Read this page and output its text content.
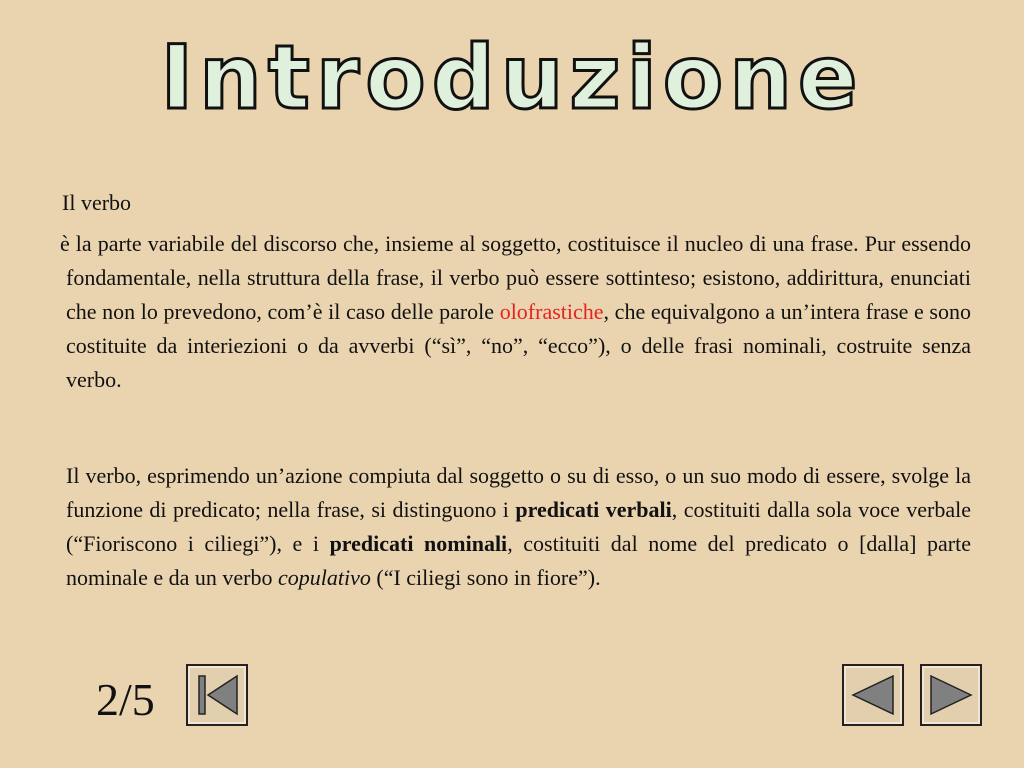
Introduzione
Il verbo

è la parte variabile del discorso che, insieme al soggetto, costituisce il nucleo di una frase. Pur essendo fondamentale, nella struttura della frase, il verbo può essere sottinteso; esistono, addirittura, enunciati che non lo prevedono, com’è il caso delle parole olofrastiche, che equivalgono a un’intera frase e sono costituite da interiezioni o da avverbi (“sì”, “no”, “ecco”), o delle frasi nominali, costruite senza verbo.

Il verbo, esprimendo un’azione compiuta dal soggetto o su di esso, o un suo modo di essere, svolge la funzione di predicato; nella frase, si distinguono i predicati verbali, costituiti dalla sola voce verbale (“Fioriscono i ciliegi”), e i predicati nominali, costituiti dal nome del predicato o [dalla] parte nominale e da un verbo copulativo (“I ciliegi sono in fiore”).

2/5
